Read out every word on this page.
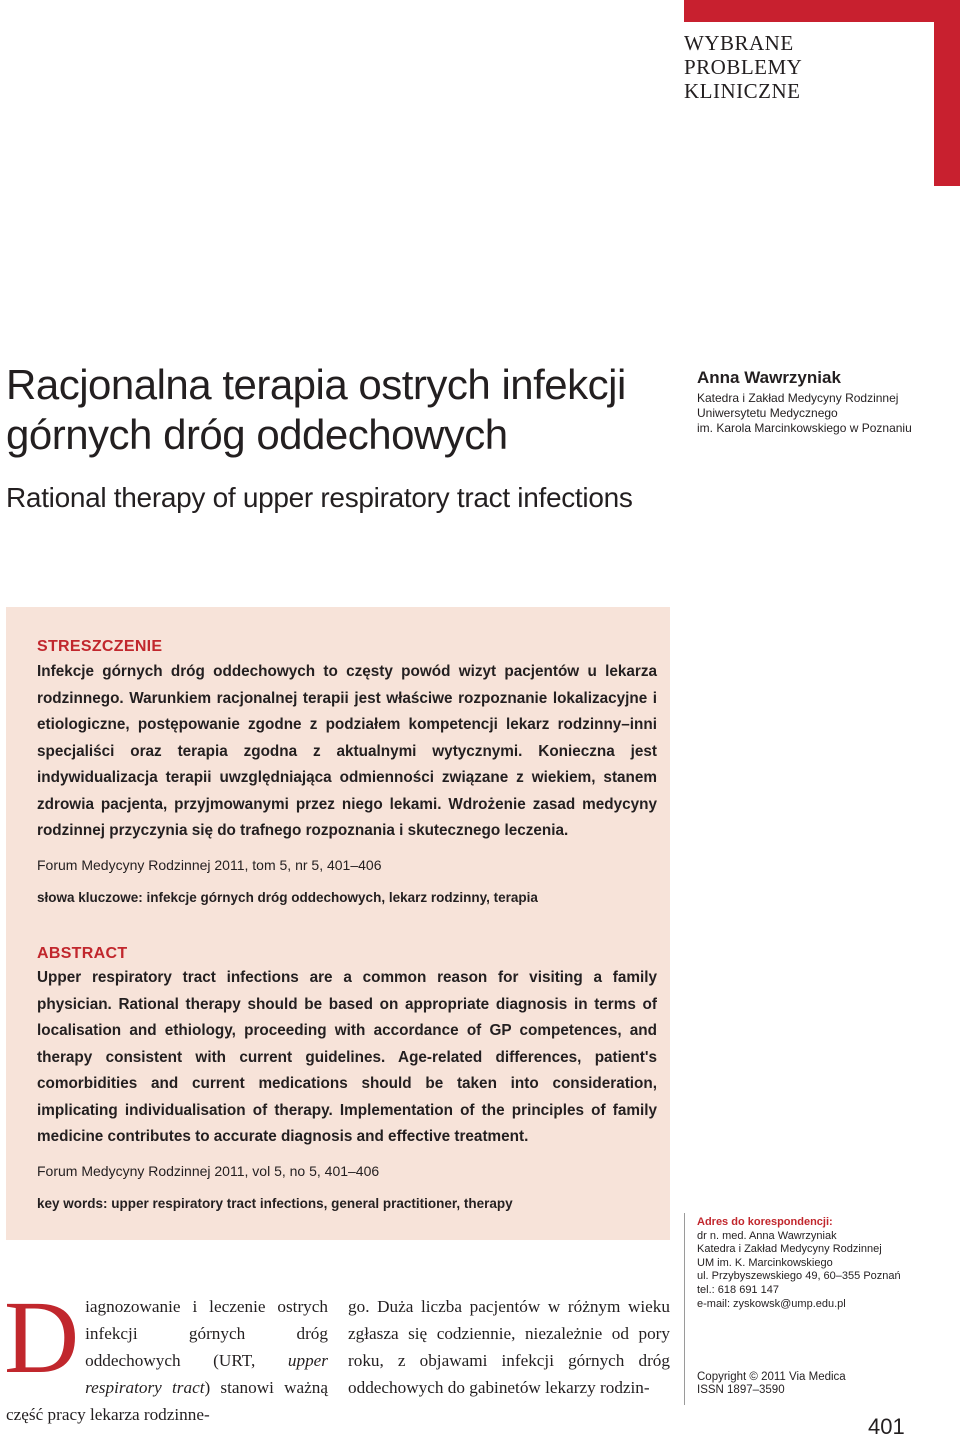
WYBRANE
PROBLEMY
KLINICZNE
Racjonalna terapia ostrych infekcji górnych dróg oddechowych
Rational therapy of upper respiratory tract infections
Anna Wawrzyniak
Katedra i Zakład Medycyny Rodzinnej
Uniwersytetu Medycznego
im. Karola Marcinkowskiego w Poznaniu
STRESZCZENIE
Infekcje górnych dróg oddechowych to częsty powód wizyt pacjentów u lekarza rodzinnego. Warunkiem racjonalnej terapii jest właściwe rozpoznanie lokalizacyjne i etiologiczne, postępowanie zgodne z podziałem kompetencji lekarz rodzinny–inni specjaliści oraz terapia zgodna z aktualnymi wytycznymi. Konieczna jest indywidualizacja terapii uwzględniająca odmienności związane z wiekiem, stanem zdrowia pacjenta, przyjmowanymi przez niego lekami. Wdrożenie zasad medycyny rodzinnej przyczynia się do trafnego rozpoznania i skutecznego leczenia.
Forum Medycyny Rodzinnej 2011, tom 5, nr 5, 401–406
słowa kluczowe: infekcje górnych dróg oddechowych, lekarz rodzinny, terapia
ABSTRACT
Upper respiratory tract infections are a common reason for visiting a family physician. Rational therapy should be based on appropriate diagnosis in terms of localisation and ethiology, proceeding with accordance of GP competences, and therapy consistent with current guidelines. Age-related differences, patient's comorbidities and current medications should be taken into consideration, implicating individualisation of therapy. Implementation of the principles of family medicine contributes to accurate diagnosis and effective treatment.
Forum Medycyny Rodzinnej 2011, vol 5, no 5, 401–406
key words: upper respiratory tract infections, general practitioner, therapy
Adres do korespondencji:
dr n. med. Anna Wawrzyniak
Katedra i Zakład Medycyny Rodzinnej
UM im. K. Marcinkowskiego
ul. Przybyszewskiego 49, 60–355 Poznań
tel.: 618 691 147
e-mail: zyskowsk@ump.edu.pl
Copyright © 2011 Via Medica
ISSN 1897–3590
Diagnozowanie i leczenie ostrych infekcji górnych dróg oddechowych (URT, upper respiratory tract) stanowi ważną część pracy lekarza rodzinne-
go. Duża liczba pacjentów w różnym wieku zgłasza się codziennie, niezależnie od pory roku, z objawami infekcji górnych dróg oddechowych do gabinetów lekarzy rodzin-
401
